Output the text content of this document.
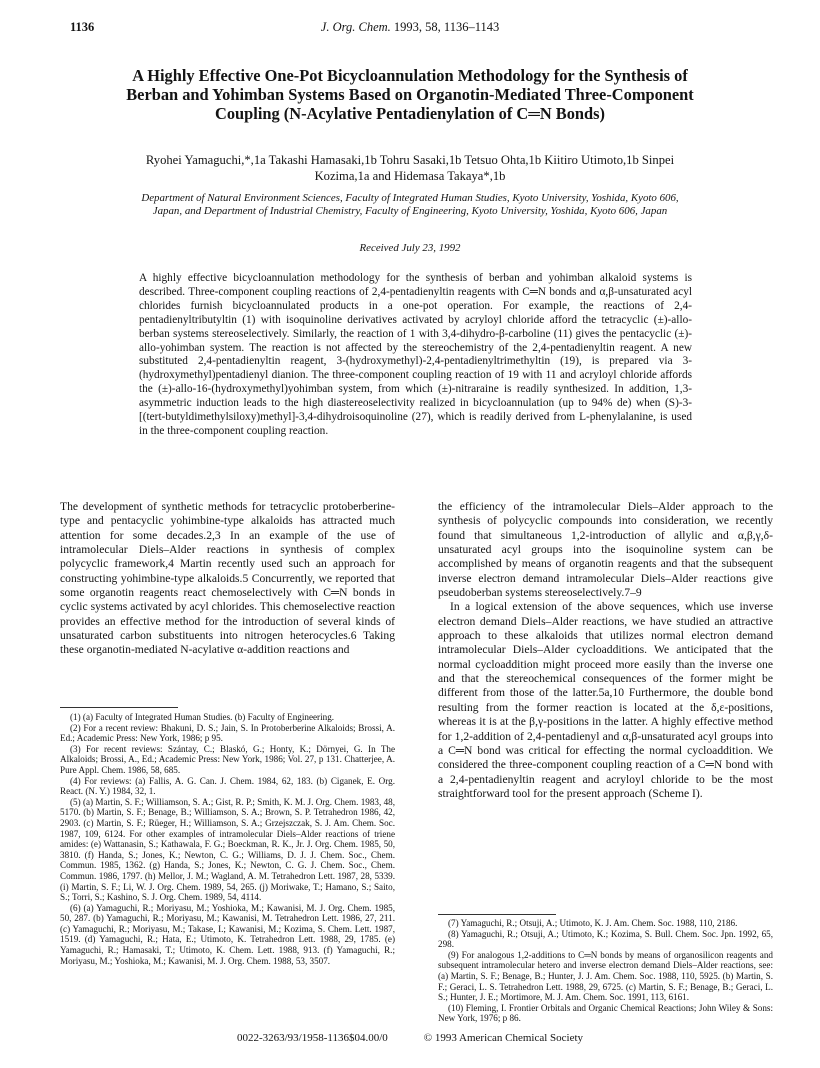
1136	J. Org. Chem. 1993, 58, 1136–1143
A Highly Effective One-Pot Bicycloannulation Methodology for the Synthesis of Berban and Yohimban Systems Based on Organotin-Mediated Three-Component Coupling (N-Acylative Pentadienylation of C═N Bonds)
Ryohei Yamaguchi,*,1a Takashi Hamasaki,1b Tohru Sasaki,1b Tetsuo Ohta,1b Kiitiro Utimoto,1b Sinpei Kozima,1a and Hidemasa Takaya*,1b
Department of Natural Environment Sciences, Faculty of Integrated Human Studies, Kyoto University, Yoshida, Kyoto 606, Japan, and Department of Industrial Chemistry, Faculty of Engineering, Kyoto University, Yoshida, Kyoto 606, Japan
Received July 23, 1992
A highly effective bicycloannulation methodology for the synthesis of berban and yohimban alkaloid systems is described. Three-component coupling reactions of 2,4-pentadienyltin reagents with C═N bonds and α,β-unsaturated acyl chlorides furnish bicycloannulated products in a one-pot operation. For example, the reactions of 2,4-pentadienyltributyltin (1) with isoquinoline derivatives activated by acryloyl chloride afford the tetracyclic (±)-allo-berban systems stereoselectively. Similarly, the reaction of 1 with 3,4-dihydro-β-carboline (11) gives the pentacyclic (±)-allo-yohimban system. The reaction is not affected by the stereochemistry of the 2,4-pentadienyltin reagent. A new substituted 2,4-pentadienyltin reagent, 3-(hydroxymethyl)-2,4-pentadienyltrimethyltin (19), is prepared via 3-(hydroxymethyl)pentadienyl dianion. The three-component coupling reaction of 19 with 11 and acryloyl chloride affords the (±)-allo-16-(hydroxymethyl)yohimban system, from which (±)-nitraraine is readily synthesized. In addition, 1,3-asymmetric induction leads to the high diastereoselectivity realized in bicycloannulation (up to 94% de) when (S)-3-[(tert-butyldimethylsiloxy)methyl]-3,4-dihydroisoquinoline (27), which is readily derived from L-phenylalanine, is used in the three-component coupling reaction.

The development of synthetic methods for tetracyclic protoberberine-type and pentacyclic yohimbine-type alkaloids has attracted much attention for some decades.2,3 In an example of the use of intramolecular Diels–Alder reactions in synthesis of complex polycyclic framework,4 Martin recently used such an approach for constructing yohimbine-type alkaloids.5 Concurrently, we reported that some organotin reagents react chemoselectively with C═N bonds in cyclic systems activated by acyl chlorides. This chemoselective reaction provides an effective method for the introduction of several kinds of unsaturated carbon substituents into nitrogen heterocycles.6 Taking these organotin-mediated N-acylative α-addition reactions and

the efficiency of the intramolecular Diels–Alder approach to the synthesis of polycyclic compounds into consideration, we recently found that simultaneous 1,2-introduction of allylic and α,β,γ,δ-unsaturated acyl groups into the isoquinoline system can be accomplished by means of organotin reagents and that the subsequent inverse electron demand intramolecular Diels–Alder reactions give pseudoberban systems stereoselectively.7–9

In a logical extension of the above sequences, which use inverse electron demand Diels–Alder reactions, we have studied an attractive approach to these alkaloids that utilizes normal electron demand intramolecular Diels–Alder cycloadditions. We anticipated that the normal cycloaddition might proceed more easily than the inverse one and that the stereochemical consequences of the former might be different from those of the latter.5a,10 Furthermore, the double bond resulting from the former reaction is located at the δ,ε-positions, whereas it is at the β,γ-positions in the latter. A highly effective method for 1,2-addition of 2,4-pentadienyl and α,β-unsaturated acyl groups into a C═N bond was critical for effecting the normal cycloaddition. We considered the three-component coupling reaction of a C═N bond with a 2,4-pentadienyltin reagent and acryloyl chloride to be the most straightforward tool for the present approach (Scheme I).

(1) (a) Faculty of Integrated Human Studies. (b) Faculty of Engineering.

(2) For a recent review: Bhakuni, D. S.; Jain, S. In Protoberberine Alkaloids; Brossi, A. Ed.; Academic Press: New York, 1986; p 95.

(3) For recent reviews: Szántay, C.; Blaskó, G.; Honty, K.; Dörnyei, G. In The Alkaloids; Brossi, A., Ed.; Academic Press: New York, 1986; Vol. 27, p 131. Chatterjee, A. Pure Appl. Chem. 1986, 58, 685.

(4) For reviews: (a) Fallis, A. G. Can. J. Chem. 1984, 62, 183. (b) Ciganek, E. Org. React. (N. Y.) 1984, 32, 1.

(5) (a) Martin, S. F.; Williamson, S. A.; Gist, R. P.; Smith, K. M. J. Org. Chem. 1983, 48, 5170. (b) Martin, S. F.; Benage, B.; Williamson, S. A.; Brown, S. P. Tetrahedron 1986, 42, 2903. (c) Martin, S. F.; Rüeger, H.; Williamson, S. A.; Grzejszczak, S. J. Am. Chem. Soc. 1987, 109, 6124. For other examples of intramolecular Diels–Alder reactions of triene amides: (e) Wattanasin, S.; Kathawala, F. G.; Boeckman, R. K., Jr. J. Org. Chem. 1985, 50, 3810. (f) Handa, S.; Jones, K.; Newton, C. G.; Williams, D. J. J. Chem. Soc., Chem. Commun. 1985, 1362. (g) Handa, S.; Jones, K.; Newton, C. G. J. Chem. Soc., Chem. Commun. 1986, 1797. (h) Mellor, J. M.; Wagland, A. M. Tetrahedron Lett. 1987, 28, 5339. (i) Martin, S. F.; Li, W. J. Org. Chem. 1989, 54, 265. (j) Moriwake, T.; Hamano, S.; Saito, S.; Torri, S.; Kashino, S. J. Org. Chem. 1989, 54, 4114.

(6) (a) Yamaguchi, R.; Moriyasu, M.; Yoshioka, M.; Kawanisi, M. J. Org. Chem. 1985, 50, 287. (b) Yamaguchi, R.; Moriyasu, M.; Kawanisi, M. Tetrahedron Lett. 1986, 27, 211. (c) Yamaguchi, R.; Moriyasu, M.; Takase, I.; Kawanisi, M.; Kozima, S. Chem. Lett. 1987, 1519. (d) Yamaguchi, R.; Hata, E.; Utimoto, K. Tetrahedron Lett. 1988, 29, 1785. (e) Yamaguchi, R.; Hamasaki, T.; Utimoto, K. Chem. Lett. 1988, 913. (f) Yamaguchi, R.; Moriyasu, M.; Yoshioka, M.; Kawanisi, M. J. Org. Chem. 1988, 53, 3507.

(7) Yamaguchi, R.; Otsuji, A.; Utimoto, K. J. Am. Chem. Soc. 1988, 110, 2186.

(8) Yamaguchi, R.; Otsuji, A.; Utimoto, K.; Kozima, S. Bull. Chem. Soc. Jpn. 1992, 65, 298.

(9) For analogous 1,2-additions to C═N bonds by means of organosilicon reagents and subsequent intramolecular hetero and inverse electron demand Diels–Alder reactions, see: (a) Martin, S. F.; Benage, B.; Hunter, J. J. Am. Chem. Soc. 1988, 110, 5925. (b) Martin, S. F.; Geraci, L. S. Tetrahedron Lett. 1988, 29, 6725. (c) Martin, S. F.; Benage, B.; Geraci, L. S.; Hunter, J. E.; Mortimore, M. J. Am. Chem. Soc. 1991, 113, 6161.

(10) Fleming, I. Frontier Orbitals and Organic Chemical Reactions; John Wiley & Sons: New York, 1976; p 86.

0022-3263/93/1958-1136$04.00/0	© 1993 American Chemical Society
